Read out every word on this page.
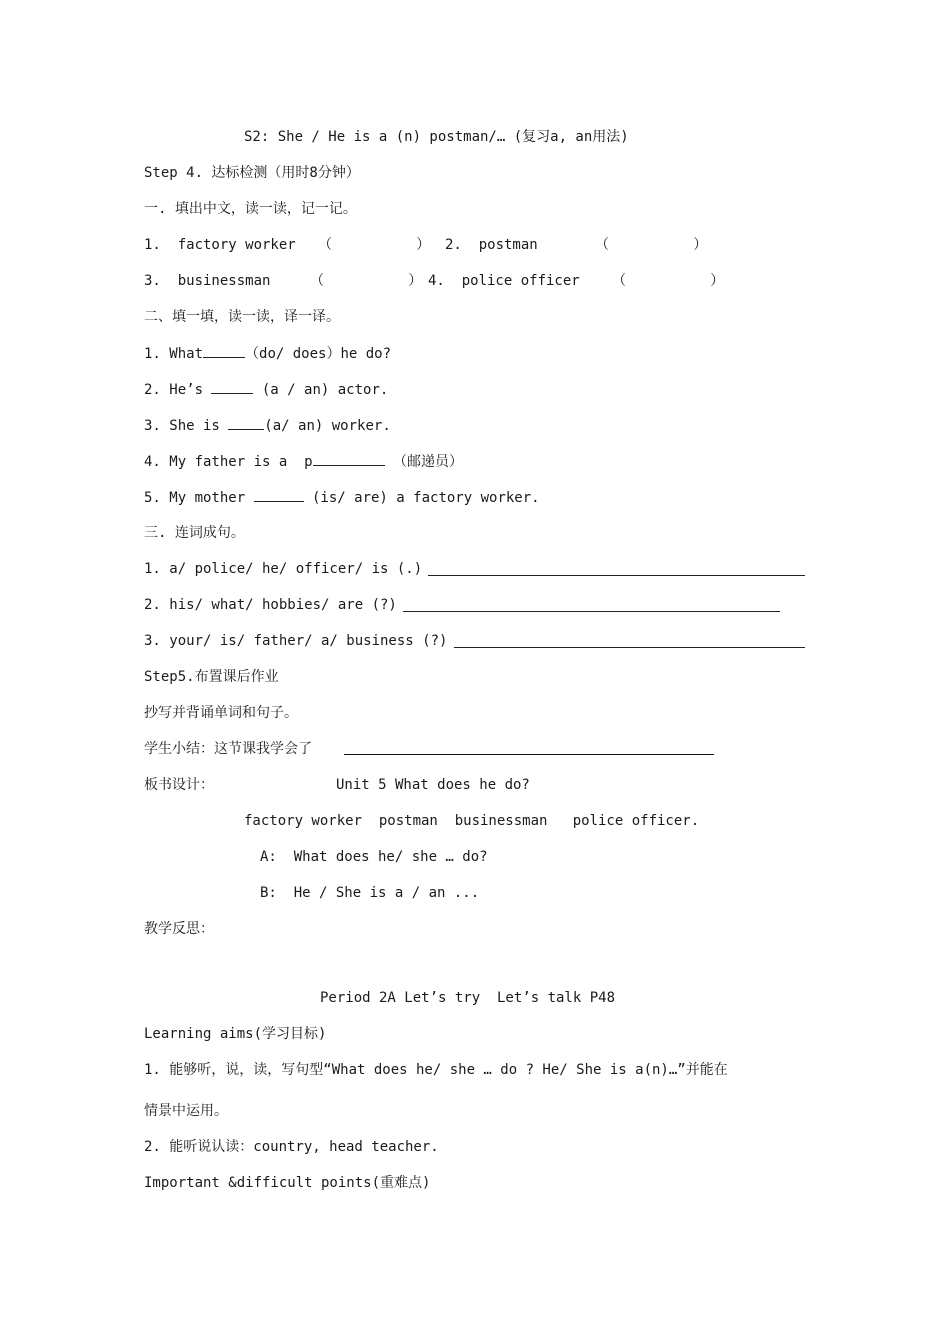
S2: She / He is a (n) postman/… (复习a, an用法)
Step 4. 达标检测（用时8分钟）
一. 填出中文，读一读，记一记。
1.  factory worker （          ） 2.  postman	（          ）
3.  businessman	（          ） 4.  police officer （          ）
二、填一填，读一读，译一译。
1. What	（do/ does）he do?
2. He’s	(a / an) actor.
3. She is	(a/ an) worker.
4. My father is a  p	（邮递员）
5. My mother	(is/ are) a factory worker.
三. 连词成句。
1. a/ police/ he/ officer/ is (.)
2. his/ what/ hobbies/ are (?)
3. your/ is/ father/ a/ business (?)
Step5.布置课后作业
抄写并背诵单词和句子。
学生小结：这节课我学会了
板书设计：	Unit 5 What does he do?
factory worker  postman  businessman   police officer.
A:  What does he/ she … do?
B:  He / She is a / an ...
教学反思：
Period 2A Let’s try  Let’s talk P48
Learning aims(学习目标)
1. 能够听，说，读，写句型“What does he/ she … do ? He/ She is a(n)…”并能在
情景中运用。
2. 能听说认读：country, head teacher.
Important &difficult points(重难点)
